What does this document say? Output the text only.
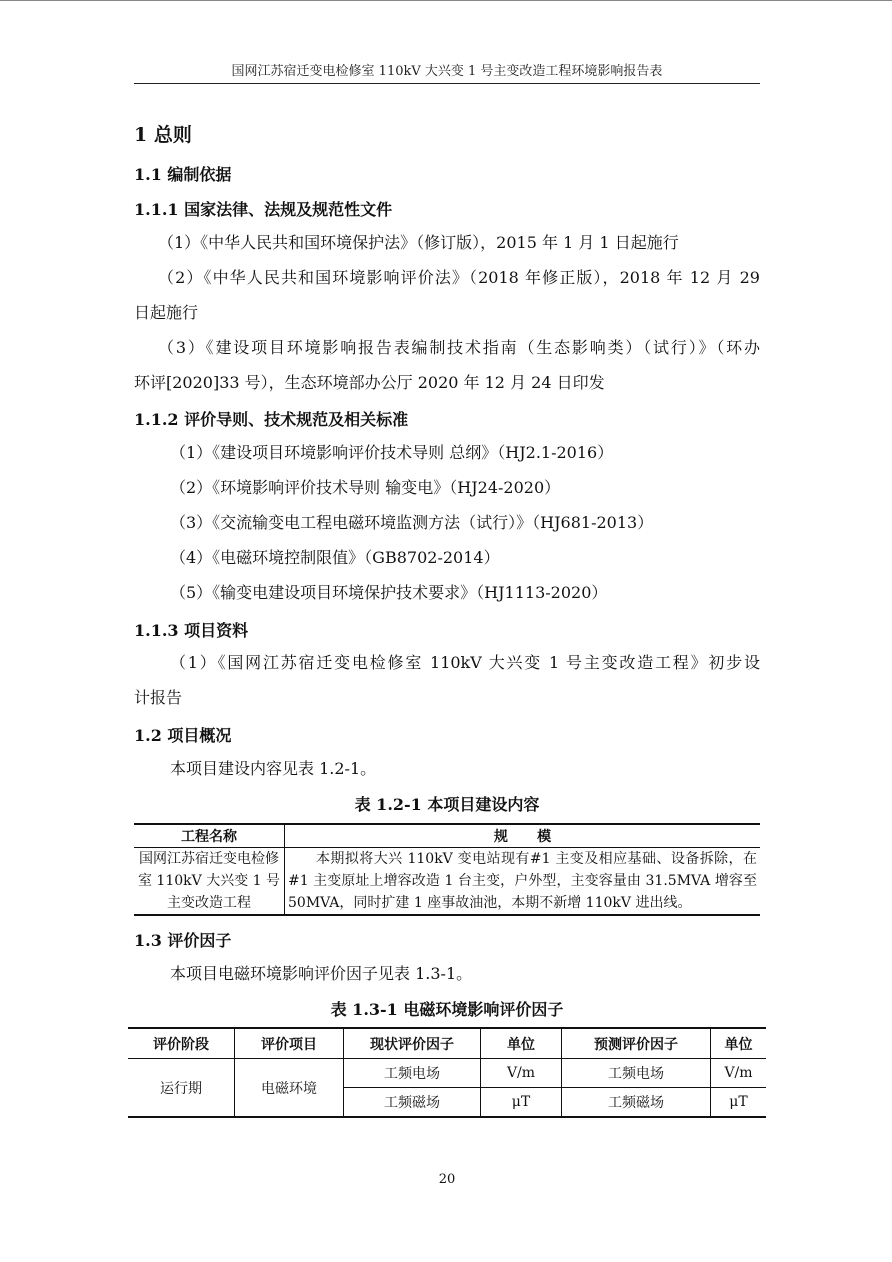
国网江苏宿迁变电检修室 110kV 大兴变 1 号主变改造工程环境影响报告表
1 总则
1.1 编制依据
1.1.1 国家法律、法规及规范性文件
（1）《中华人民共和国环境保护法》（修订版），2015 年 1 月 1 日起施行
（2）《中华人民共和国环境影响评价法》（2018 年修正版），2018 年 12 月 29
日起施行
（3）《建设项目环境影响报告表编制技术指南（生态影响类）（试行）》（环办
环评[2020]33 号），生态环境部办公厅 2020 年 12 月 24 日印发
1.1.2 评价导则、技术规范及相关标准
（1）《建设项目环境影响评价技术导则 总纲》（HJ2.1-2016）
（2）《环境影响评价技术导则 输变电》（HJ24-2020）
（3）《交流输变电工程电磁环境监测方法（试行）》（HJ681-2013）
（4）《电磁环境控制限值》（GB8702-2014）
（5）《输变电建设项目环境保护技术要求》（HJ1113-2020）
1.1.3 项目资料
（1）《国网江苏宿迁变电检修室 110kV 大兴变 1 号主变改造工程》初步设
计报告
1.2 项目概况
本项目建设内容见表 1.2-1。
表 1.2-1 本项目建设内容
工程名称	规      模
国网江苏宿迁变电检修室 110kV 大兴变 1 号主变改造工程	本期拟将大兴 110kV 变电站现有#1 主变及相应基础、设备拆除，在#1 主变原址上增容改造 1 台主变，户外型，主变容量由 31.5MVA 增容至 50MVA，同时扩建 1 座事故油池，本期不新增 110kV 进出线。
1.3 评价因子
本项目电磁环境影响评价因子见表 1.3-1。
表 1.3-1 电磁环境影响评价因子
评价阶段	评价项目	现状评价因子	单位	预测评价因子	单位
运行期	电磁环境	工频电场	V/m	工频电场	V/m
		工频磁场	μT	工频磁场	μT
20
